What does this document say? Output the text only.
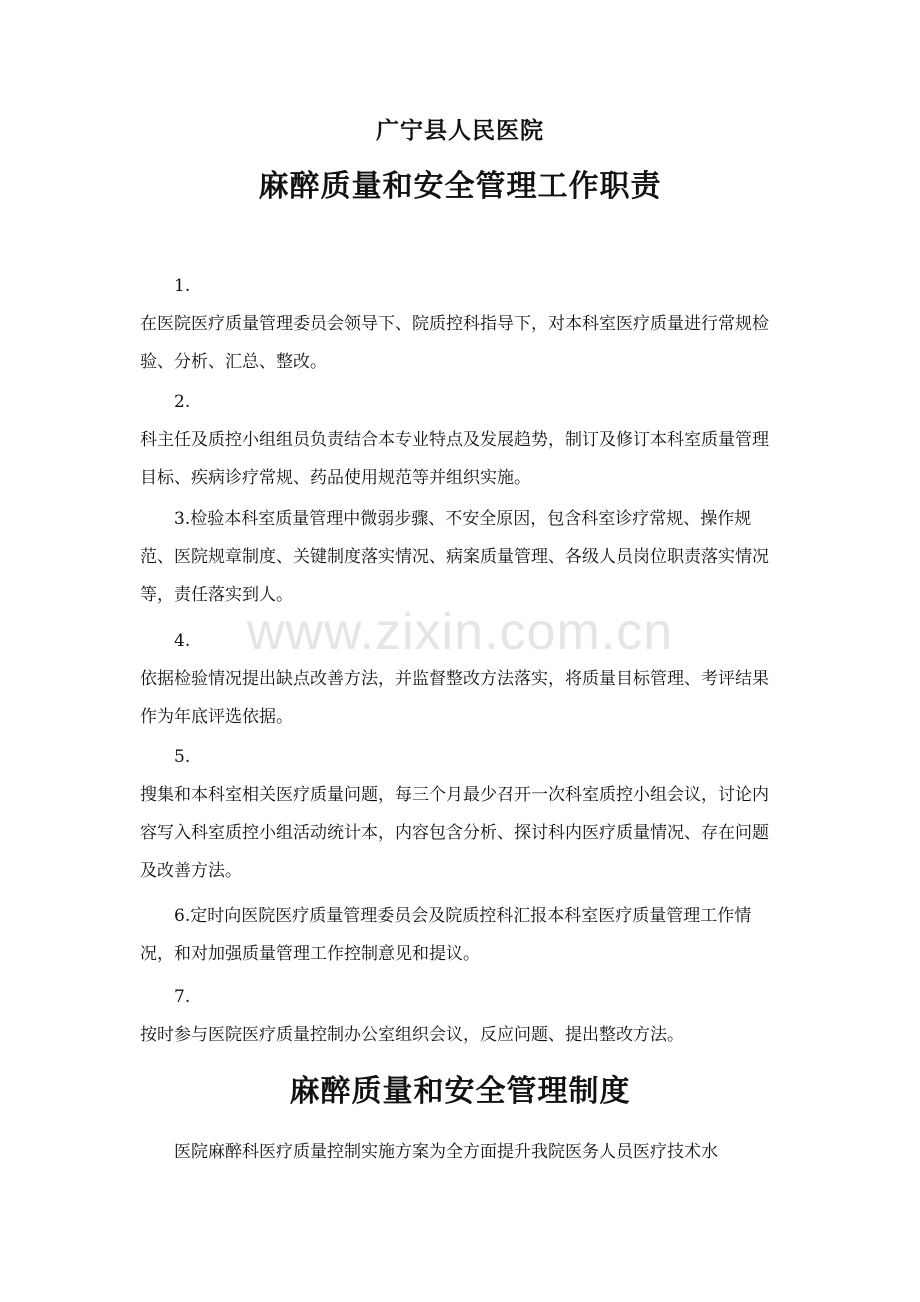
广宁县人民医院
麻醉质量和安全管理工作职责
1.
在医院医疗质量管理委员会领导下、院质控科指导下，对本科室医疗质量进行常规检验、分析、汇总、整改。
2.
科主任及质控小组组员负责结合本专业特点及发展趋势，制订及修订本科室质量管理目标、疾病诊疗常规、药品使用规范等并组织实施。
3.检验本科室质量管理中微弱步骤、不安全原因，包含科室诊疗常规、操作规范、医院规章制度、关键制度落实情况、病案质量管理、各级人员岗位职责落实情况等，责任落实到人。
4.
依据检验情况提出缺点改善方法，并监督整改方法落实，将质量目标管理、考评结果作为年底评选依据。
5.
搜集和本科室相关医疗质量问题，每三个月最少召开一次科室质控小组会议，讨论内容写入科室质控小组活动统计本，内容包含分析、探讨科内医疗质量情况、存在问题及改善方法。
6.定时向医院医疗质量管理委员会及院质控科汇报本科室医疗质量管理工作情况，和对加强质量管理工作控制意见和提议。
7.
按时参与医院医疗质量控制办公室组织会议，反应问题、提出整改方法。
麻醉质量和安全管理制度
医院麻醉科医疗质量控制实施方案为全方面提升我院医务人员医疗技术水
www.zixin.com.cn
